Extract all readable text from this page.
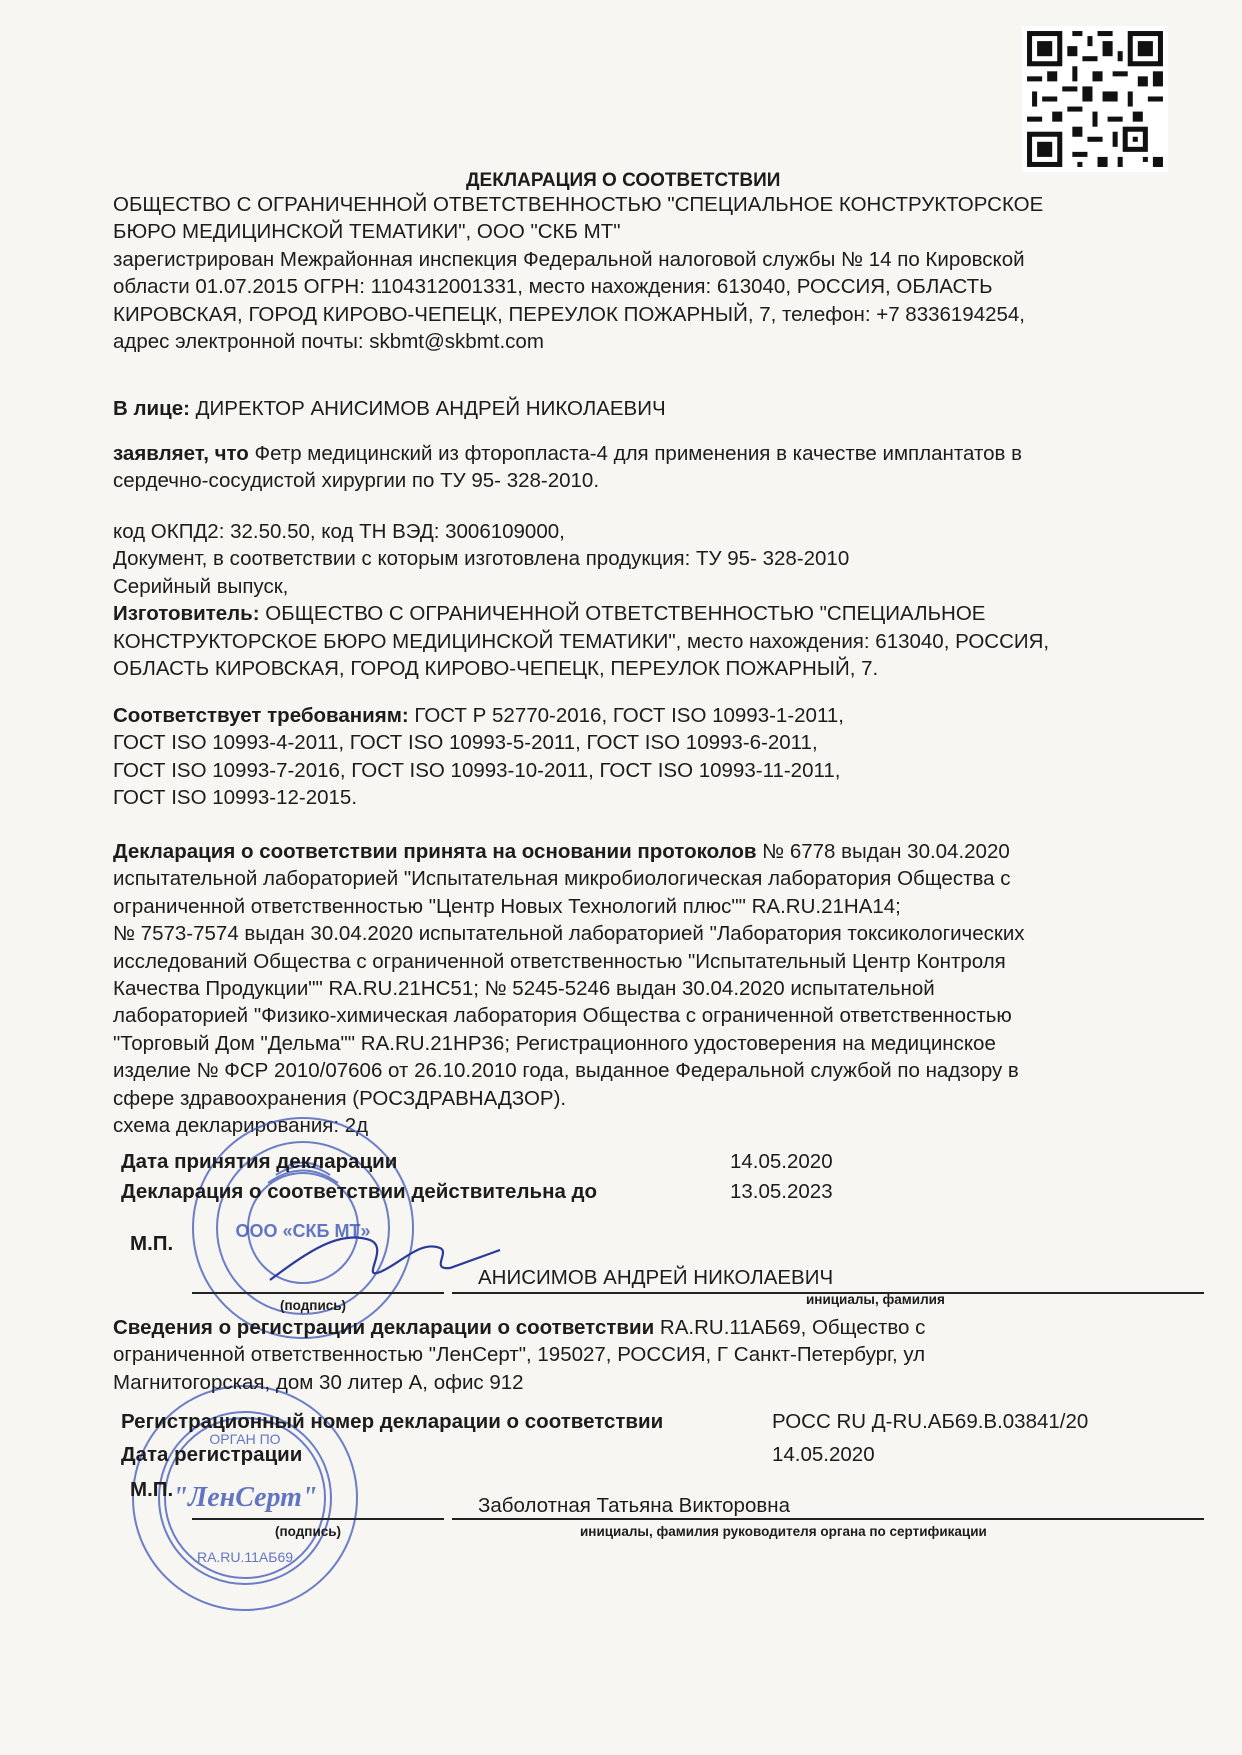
ДЕКЛАРАЦИЯ О СООТВЕТСТВИИ
ОБЩЕСТВО С ОГРАНИЧЕННОЙ ОТВЕТСТВЕННОСТЬЮ "СПЕЦИАЛЬНОЕ КОНСТРУКТОРСКОЕ
БЮРО МЕДИЦИНСКОЙ ТЕМАТИКИ", ООО "СКБ МТ"
зарегистрирован Межрайонная инспекция Федеральной налоговой службы № 14 по Кировской
области 01.07.2015 ОГРН: 1104312001331, место нахождения: 613040, РОССИЯ, ОБЛАСТЬ
КИРОВСКАЯ, ГОРОД КИРОВО-ЧЕПЕЦК, ПЕРЕУЛОК ПОЖАРНЫЙ, 7, телефон: +7 8336194254,
адрес электронной почты: skbmt@skbmt.com
В лице: ДИРЕКТОР АНИСИМОВ АНДРЕЙ НИКОЛАЕВИЧ
заявляет, что Фетр медицинский из фторопласта-4 для применения в качестве имплантатов в
сердечно-сосудистой хирургии по ТУ 95- 328-2010.
код ОКПД2: 32.50.50, код ТН ВЭД: 3006109000,
Документ, в соответствии с которым изготовлена продукция: ТУ 95- 328-2010
Серийный выпуск,
Изготовитель: ОБЩЕСТВО С ОГРАНИЧЕННОЙ ОТВЕТСТВЕННОСТЬЮ "СПЕЦИАЛЬНОЕ
КОНСТРУКТОРСКОЕ БЮРО МЕДИЦИНСКОЙ ТЕМАТИКИ", место нахождения: 613040, РОССИЯ,
ОБЛАСТЬ КИРОВСКАЯ, ГОРОД КИРОВО-ЧЕПЕЦК, ПЕРЕУЛОК ПОЖАРНЫЙ, 7.
Соответствует требованиям: ГОСТ Р 52770-2016, ГОСТ ISO 10993-1-2011,
ГОСТ ISO 10993-4-2011, ГОСТ ISO 10993-5-2011, ГОСТ ISO 10993-6-2011,
ГОСТ ISO 10993-7-2016, ГОСТ ISO 10993-10-2011, ГОСТ ISO 10993-11-2011,
ГОСТ ISO 10993-12-2015.
Декларация о соответствии принята на основании протоколов № 6778 выдан 30.04.2020
испытательной лабораторией "Испытательная микробиологическая лаборатория Общества с
ограниченной ответственностью "Центр Новых Технологий плюс"" RA.RU.21НА14;
№ 7573-7574 выдан 30.04.2020 испытательной лабораторией "Лаборатория токсикологических
исследований Общества с ограниченной ответственностью "Испытательный Центр Контроля
Качества Продукции"" RA.RU.21НС51; № 5245-5246 выдан 30.04.2020 испытательной
лабораторией "Физико-химическая лаборатория Общества с ограниченной ответственностью
"Торговый Дом "Дельма"" RA.RU.21НР36; Регистрационного удостоверения на медицинское
изделие № ФСР 2010/07606 от 26.10.2010 года, выданное Федеральной службой по надзору в
сфере здравоохранения (РОСЗДРАВНАДЗОР).
схема декларирования: 2д
ООО «СКБ МТ»
ОРГАН ПО
"ЛенСерт"
RA.RU.11АБ69
Дата принятия декларации	14.05.2020
Декларация о соответствии действительна до	13.05.2023
М.П.
АНИСИМОВ АНДРЕЙ НИКОЛАЕВИЧ
(подпись)	инициалы, фамилия
Сведения о регистрации декларации о соответствии RA.RU.11АБ69, Общество с
ограниченной ответственностью "ЛенСерт", 195027, РОССИЯ, Г Санкт-Петербург, ул
Магнитогорская, дом 30 литер А, офис 912
Регистрационный номер декларации о соответствии	РОСС RU Д-RU.АБ69.В.03841/20
Дата регистрации	14.05.2020
М.П.
Заболотная Татьяна Викторовна
(подпись)	инициалы, фамилия руководителя органа по сертификации
